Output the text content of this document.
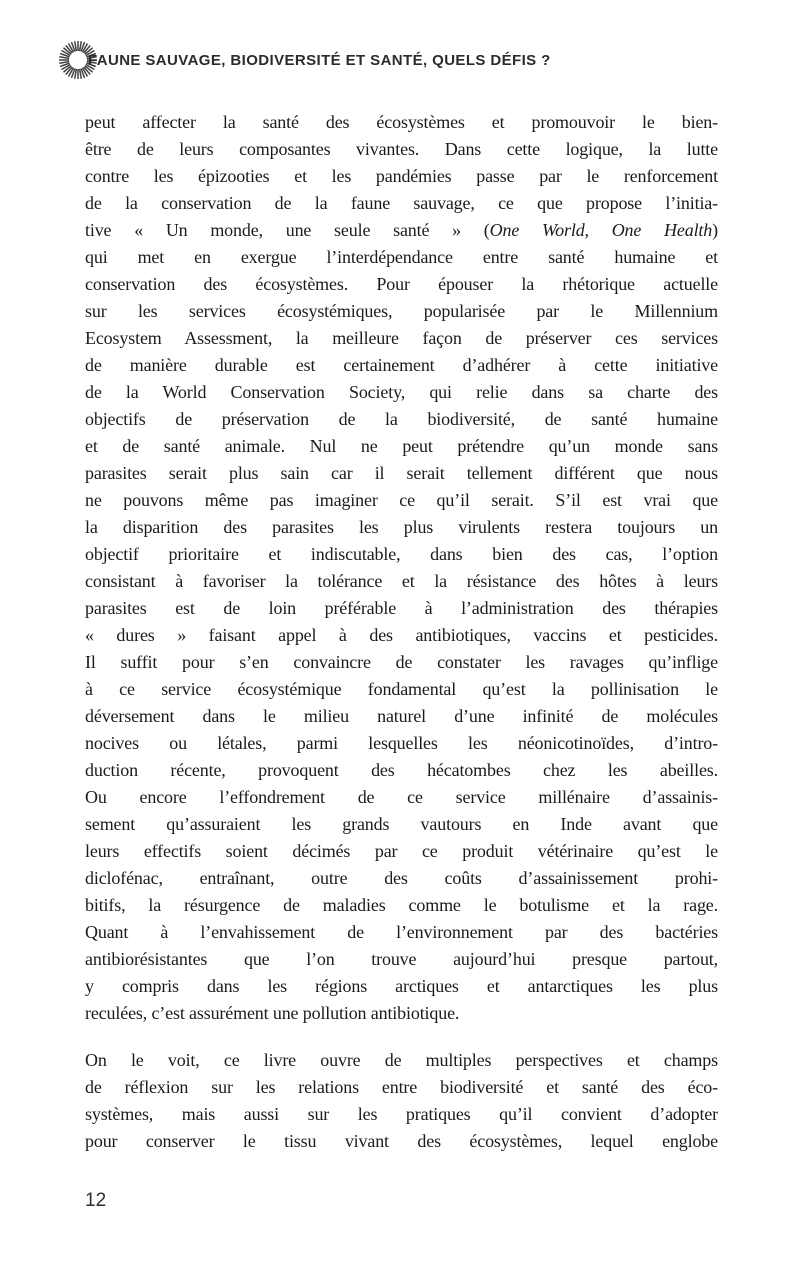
FAUNE SAUVAGE, BIODIVERSITÉ ET SANTÉ, QUELS DÉFIS ?
peut affecter la santé des écosystèmes et promouvoir le bien-
être de leurs composantes vivantes. Dans cette logique, la lutte
contre les épizooties et les pandémies passe par le renforcement
de la conservation de la faune sauvage, ce que propose l’initia-
tive « Un monde, une seule santé » (One World, One Health)
qui met en exergue l’interdépendance entre santé humaine et
conservation des écosystèmes. Pour épouser la rhétorique actuelle
sur les services écosystémiques, popularisée par le Millennium
Ecosystem Assessment, la meilleure façon de préserver ces services
de manière durable est certainement d’adhérer à cette initiative
de la World Conservation Society, qui relie dans sa charte des
objectifs de préservation de la biodiversité, de santé humaine
et de santé animale. Nul ne peut prétendre qu’un monde sans
parasites serait plus sain car il serait tellement différent que nous
ne pouvons même pas imaginer ce qu’il serait. S’il est vrai que
la disparition des parasites les plus virulents restera toujours un
objectif prioritaire et indiscutable, dans bien des cas, l’option
consistant à favoriser la tolérance et la résistance des hôtes à leurs
parasites est de loin préférable à l’administration des thérapies
« dures » faisant appel à des antibiotiques, vaccins et pesticides.
Il suffit pour s’en convaincre de constater les ravages qu’inflige
à ce service écosystémique fondamental qu’est la pollinisation le
déversement dans le milieu naturel d’une infinité de molécules
nocives ou létales, parmi lesquelles les néonicotinoïdes, d’intro-
duction récente, provoquent des hécatombes chez les abeilles.
Ou encore l’effondrement de ce service millénaire d’assainis-
sement qu’assuraient les grands vautours en Inde avant que
leurs effectifs soient décimés par ce produit vétérinaire qu’est le
diclofénac, entraînant, outre des coûts d’assainissement prohi-
bitifs, la résurgence de maladies comme le botulisme et la rage.
Quant à l’envahissement de l’environnement par des bactéries
antibiorésistantes que l’on trouve aujourd’hui presque partout,
y compris dans les régions arctiques et antarctiques les plus
reculées, c’est assurément une pollution antibiotique.
On le voit, ce livre ouvre de multiples perspectives et champs
de réflexion sur les relations entre biodiversité et santé des éco-
systèmes, mais aussi sur les pratiques qu’il convient d’adopter
pour conserver le tissu vivant des écosystèmes, lequel englobe
12
